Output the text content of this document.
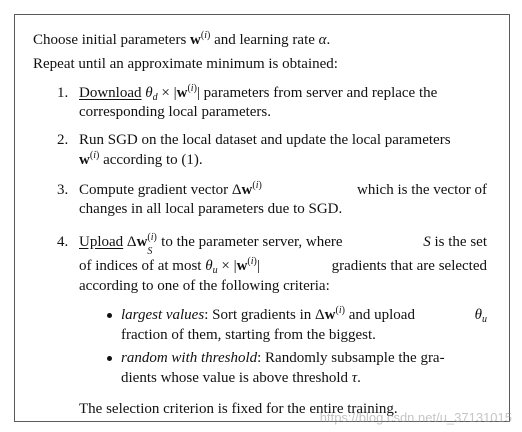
Choose initial parameters $w^{(i)}$ and learning rate α.
Repeat until an approximate minimum is obtained:
1. Download $\theta_d \times |w^{(i)}|$ parameters from server and replace the
corresponding local parameters.
2. Run SGD on the local dataset and update the local parameters
$w^{(i)}$ according to (1).
3. Compute gradient vector $\Delta w^{(i)}$	which is the vector of
changes in all local parameters due to SGD.
4. Upload Δw (i)
S
to the parameter server, where	S is the set
of indices of at most $\theta_u \times |w^{(i)}|$	gradients that are selected
according to one of the following criteria:
largest values: Sort gradients in $\Delta w^{(i)}$ and upload	$\theta_u$
fraction of them, starting from the biggest.
random with threshold: Randomly subsample the gra-
dients whose value is above threshold τ.
The selection criterion is fixed for the entire training.
https://blog.csdn.net/u_37131015
